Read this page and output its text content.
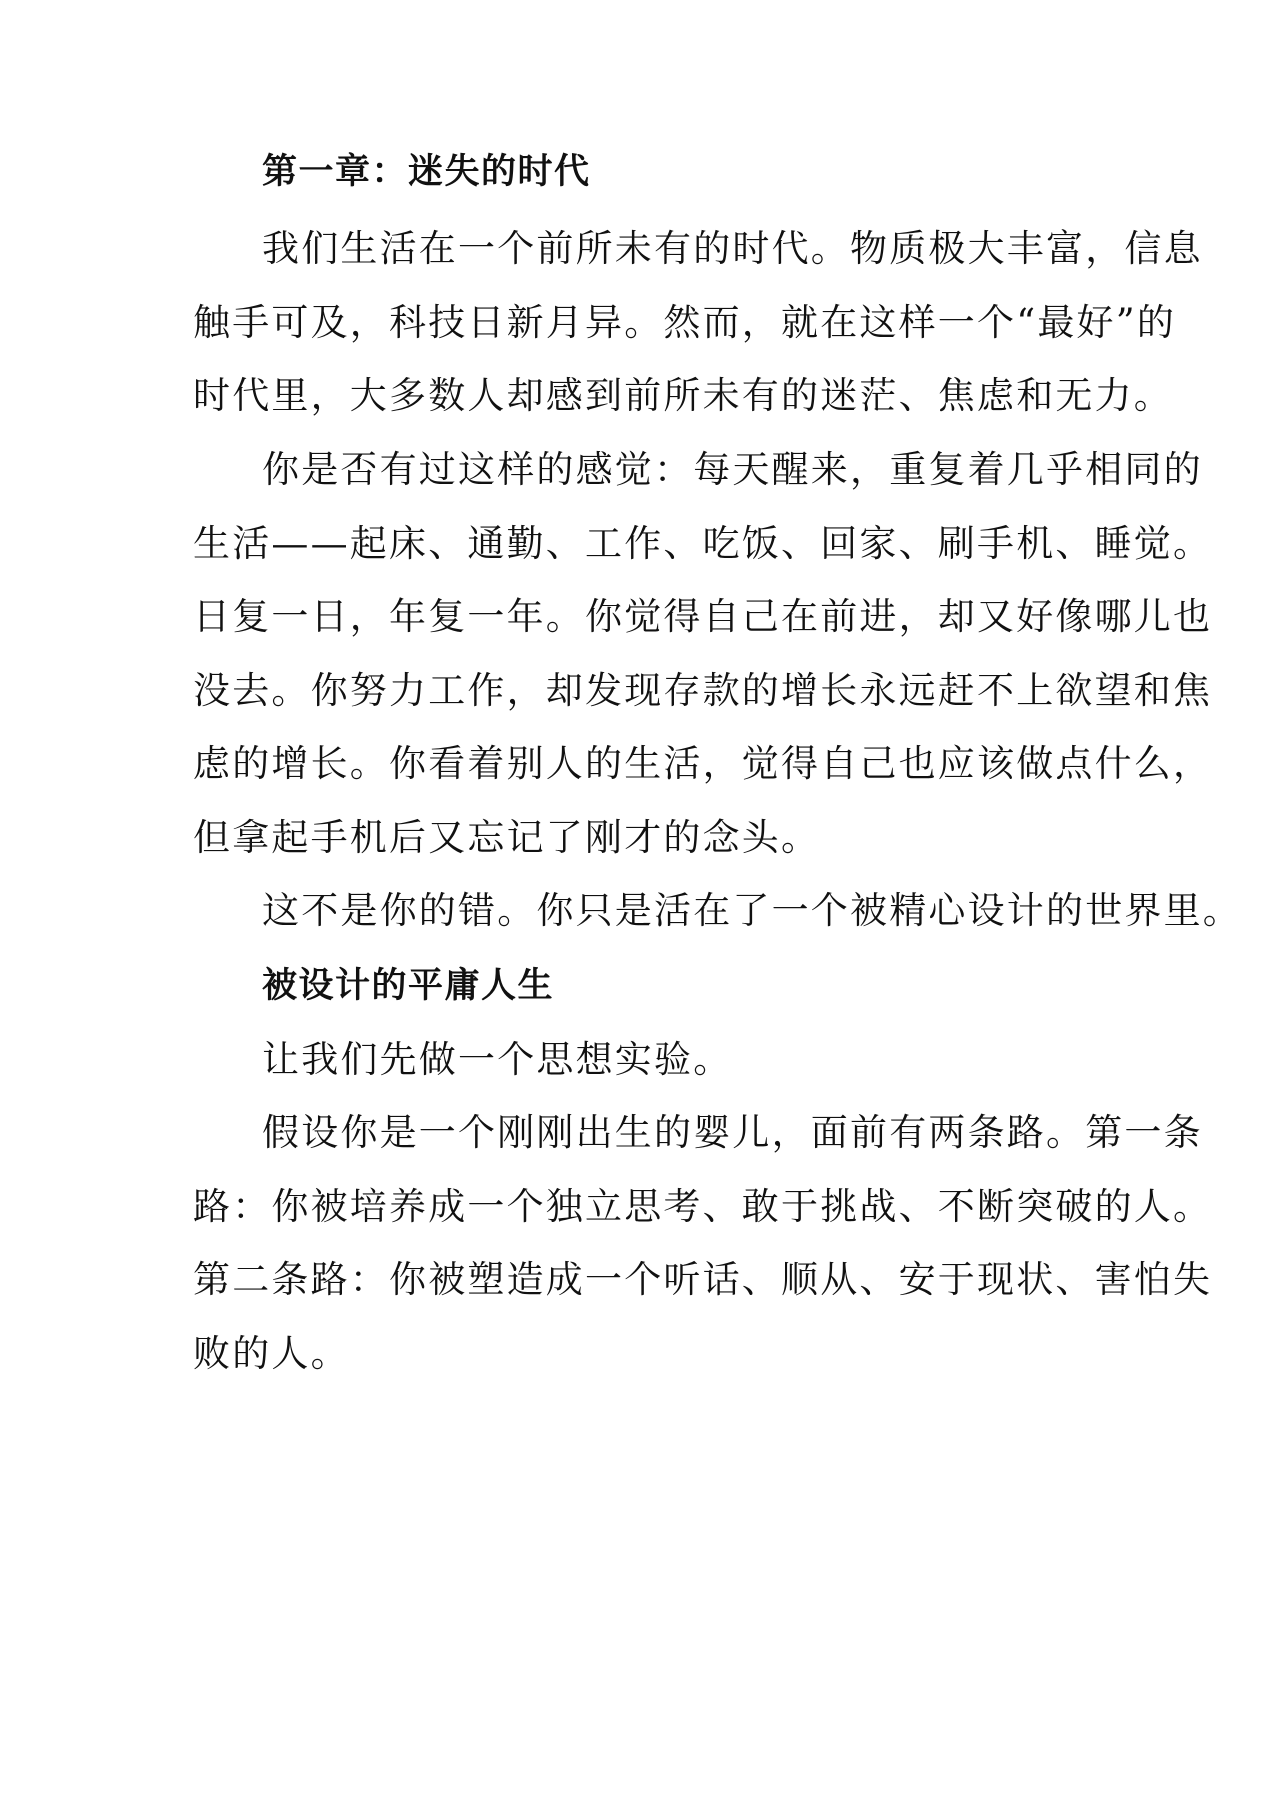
第一章：迷失的时代
我们生活在一个前所未有的时代。物质极大丰富，信息
触手可及，科技日新月异。然而，就在这样一个“最好”的
时代里，大多数人却感到前所未有的迷茫、焦虑和无力。
你是否有过这样的感觉：每天醒来，重复着几乎相同的
生活——起床、通勤、工作、吃饭、回家、刷手机、睡觉。
日复一日，年复一年。你觉得自己在前进，却又好像哪儿也
没去。你努力工作，却发现存款的增长永远赶不上欲望和焦
虑的增长。你看着别人的生活，觉得自己也应该做点什么，
但拿起手机后又忘记了刚才的念头。
这不是你的错。你只是活在了一个被精心设计的世界里。
被设计的平庸人生
让我们先做一个思想实验。
假设你是一个刚刚出生的婴儿，面前有两条路。第一条
路：你被培养成一个独立思考、敢于挑战、不断突破的人。
第二条路：你被塑造成一个听话、顺从、安于现状、害怕失
败的人。
